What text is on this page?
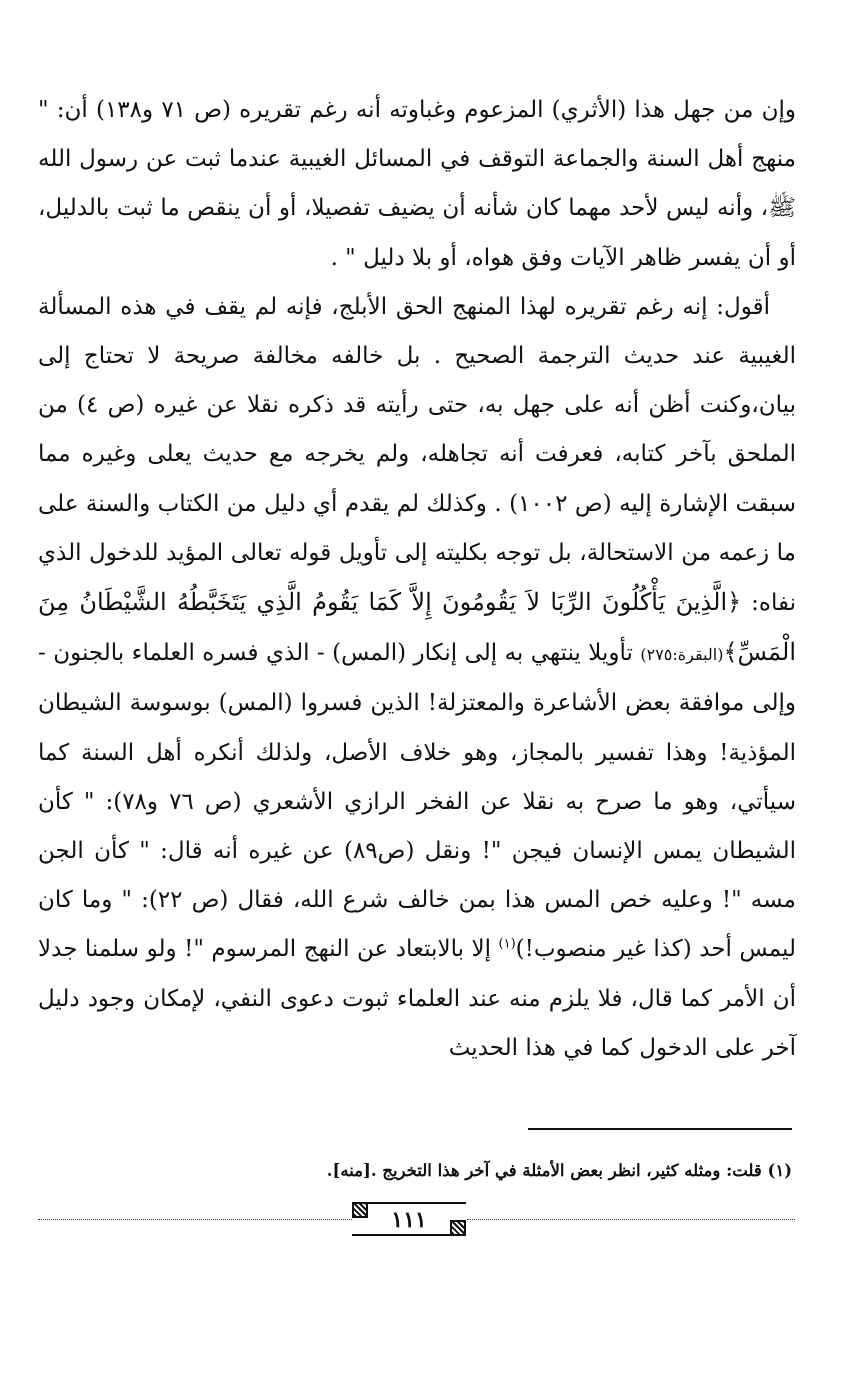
وإن من جهل هذا (الأثري) المزعوم وغباوته أنه رغم تقريره (ص ٧١ و١٣٨) أن: " منهج أهل السنة والجماعة التوقف في المسائل الغيبية عندما ثبت عن رسول الله ﷺ، وأنه ليس لأحد مهما كان شأنه أن يضيف تفصيلا، أو أن ينقص ما ثبت بالدليل، أو أن يفسر ظاهر الآيات وفق هواه، أو بلا دليل " .

أقول: إنه رغم تقريره لهذا المنهج الحق الأبلج، فإنه لم يقف في هذه المسألة الغيبية عند حديث الترجمة الصحيح . بل خالفه مخالفة صريحة لا تحتاج إلى بيان،وكنت أظن أنه على جهل به، حتى رأيته قد ذكره نقلا عن غيره (ص ٤) من الملحق بآخر كتابه، فعرفت أنه تجاهله، ولم يخرجه مع حديث يعلى وغيره مما سبقت الإشارة إليه (ص ١٠٠٢) . وكذلك لم يقدم أي دليل من الكتاب والسنة على ما زعمه من الاستحالة، بل توجه بكليته إلى تأويل قوله تعالى المؤيد للدخول الذي نفاه: ﴿الَّذِينَ يَأْكُلُونَ الرِّبَا لاَ يَقُومُونَ إِلاَّ كَمَا يَقُومُ الَّذِي يَتَخَبَّطُهُ الشَّيْطَانُ مِنَ الْمَسِّ﴾(البقرة:٢٧٥) تأويلا ينتهي به إلى إنكار (المس) - الذي فسره العلماء بالجنون - وإلى موافقة بعض الأشاعرة والمعتزلة! الذين فسروا (المس) بوسوسة الشيطان المؤذية! وهذا تفسير بالمجاز، وهو خلاف الأصل، ولذلك أنكره أهل السنة كما سيأتي، وهو ما صرح به نقلا عن الفخر الرازي الأشعري (ص ٧٦ و٧٨): " كأن الشيطان يمس الإنسان فيجن "! ونقل (ص٨٩) عن غيره أنه قال: " كأن الجن مسه "! وعليه خص المس هذا بمن خالف شرع الله، فقال (ص ٢٢): " وما كان ليمس أحد (كذا غير منصوب!)$^{(١)}$ إلا بالابتعاد عن النهج المرسوم "! ولو سلمنا جدلا أن الأمر كما قال، فلا يلزم منه عند العلماء ثبوت دعوى النفي، لإمكان وجود دليل آخر على الدخول كما في هذا الحديث

(١) قلت: ومثله كثير، انظر بعض الأمثلة في آخر هذا التخريج .[منه].
١١١
